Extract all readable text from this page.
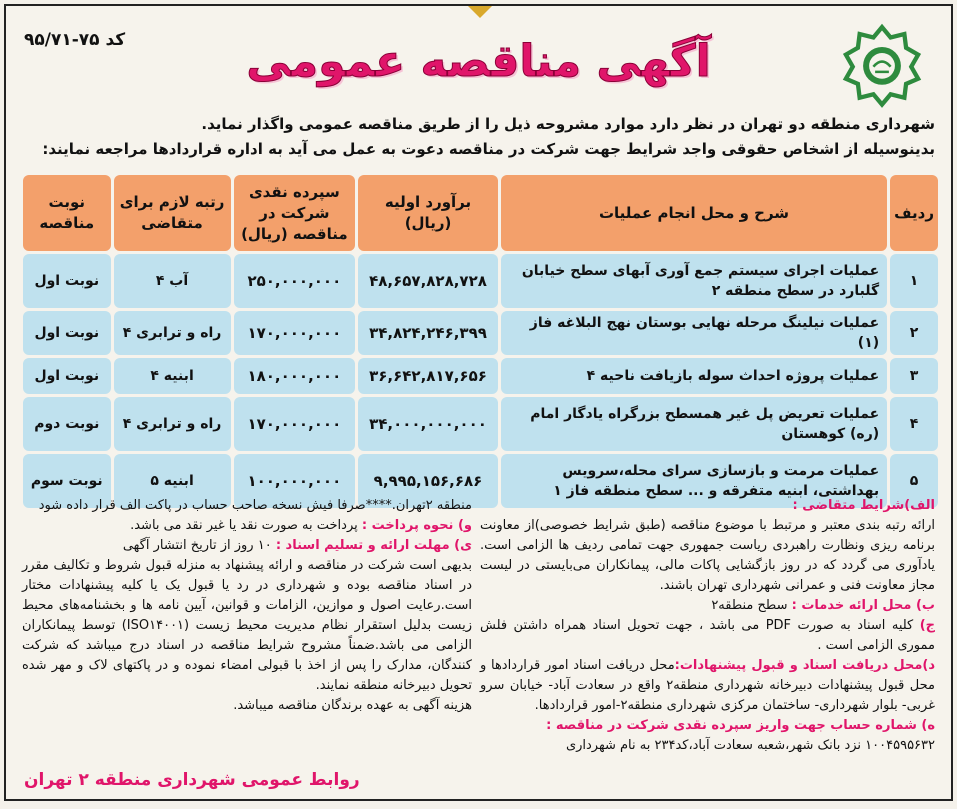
کد ۷۵-۹۵/۷۱	آگهی مناقصه عمومی

شهرداری منطقه دو تهران در نظر دارد موارد مشروحه ذیل را از طریق مناقصه عمومی واگذار نماید.

بدینوسیله از اشخاص حقوقی واجد شرایط جهت شرکت در مناقصه دعوت به عمل می آید به اداره قراردادها مراجعه نمایند:

ردیف	شرح و محل انجام عملیات	برآورد اولیه (ریال)	سپرده نقدی شرکت در مناقصه (ریال)	رتبه لازم برای متقاضی	نوبت مناقصه
۱	عملیات اجرای سیستم جمع آوری آبهای سطح خیابان گلبارد در سطح منطقه ۲	۴۸,۶۵۷,۸۲۸,۷۲۸	۲۵۰,۰۰۰,۰۰۰	آب ۴	نوبت اول
۲	عملیات نیلینگ مرحله نهایی بوستان نهج البلاغه فاز (۱)	۳۴,۸۲۴,۲۴۶,۳۹۹	۱۷۰,۰۰۰,۰۰۰	راه و ترابری ۴	نوبت اول
۳	عملیات پروژه احداث سوله بازیافت ناحیه ۴	۳۶,۶۴۲,۸۱۷,۶۵۶	۱۸۰,۰۰۰,۰۰۰	ابنیه ۴	نوبت اول
۴	عملیات تعریض پل غیر همسطح بزرگراه یادگار امام (ره) کوهستان	۳۴,۰۰۰,۰۰۰,۰۰۰	۱۷۰,۰۰۰,۰۰۰	راه و ترابری ۴	نوبت دوم
۵	عملیات مرمت و بازسازی سرای محله،سرویس بهداشتی، ابنیه متفرقه و ... سطح منطقه فاز ۱	۹,۹۹۵,۱۵۶,۶۸۶	۱۰۰,۰۰۰,۰۰۰	ابنیه ۵	نوبت سوم

الف)شرایط متقاضی :

ارائه رتبه بندی معتبر و مرتبط با موضوع مناقصه (طبق شرایط خصوصی)از معاونت برنامه ریزی ونظارت راهبردی ریاست جمهوری جهت تمامی ردیف ها الزامی است. یادآوری می گردد که در روز بازگشایی پاکات مالی، پیمانکاران می‌بایستی در لیست مجاز معاونت فنی و عمرانی شهرداری تهران باشند.

ب) محل ارائه خدمات : سطح منطقه۲

ج) کلیه اسناد به صورت PDF می باشد ، جهت تحویل اسناد همراه داشتن فلش مموری الزامی است .

د)محل دریافت اسناد و قبول پیشنهادات:محل دریافت اسناد امور قراردادها و محل قبول پیشنهادات دبیرخانه شهرداری منطقه۲ واقع در سعادت آباد- خیابان سرو غربی- بلوار شهرداری- ساختمان مرکزی شهرداری منطقه۲-امور قراردادها.

ه) شماره حساب جهت واریز سپرده نقدی شرکت در مناقصه :

۱۰۰۴۵۹۵۶۳۲ نزد بانک شهر،شعبه سعادت آباد،کد۲۳۴ به نام شهرداری

منطقه ۲تهران.****صرفا فیش نسخه صاحب حساب در پاکت الف قرار داده شود

و) نحوه پرداخت : پرداخت به صورت نقد یا غیر نقد می باشد.

ی) مهلت ارائه و تسلیم اسناد : ۱۰ روز از تاریخ انتشار آگهی

بدیهی است شرکت در مناقصه و ارائه پیشنهاد به منزله قبول شروط و تکالیف مقرر در اسناد مناقصه بوده و شهرداری در رد یا قبول یک یا کلیه پیشنهادات مختار است.رعایت اصول و موازین، الزامات و قوانین، آیین نامه ها و بخشنامه‌های محیط زیست بدلیل استقرار نظام مدیریت محیط زیست (ISO۱۴۰۰۱) توسط پیمانکاران الزامی می باشد.ضمناً مشروح شرایط مناقصه در اسناد درج میباشد که شرکت کنندگان، مدارک را پس از اخذ با قبولی امضاء نموده و در پاکتهای لاک و مهر شده تحویل دبیرخانه منطقه نمایند.

هزینه آگهی به عهده برندگان مناقصه میباشد.

روابط عمومی شهرداری منطقه ۲ تهران
